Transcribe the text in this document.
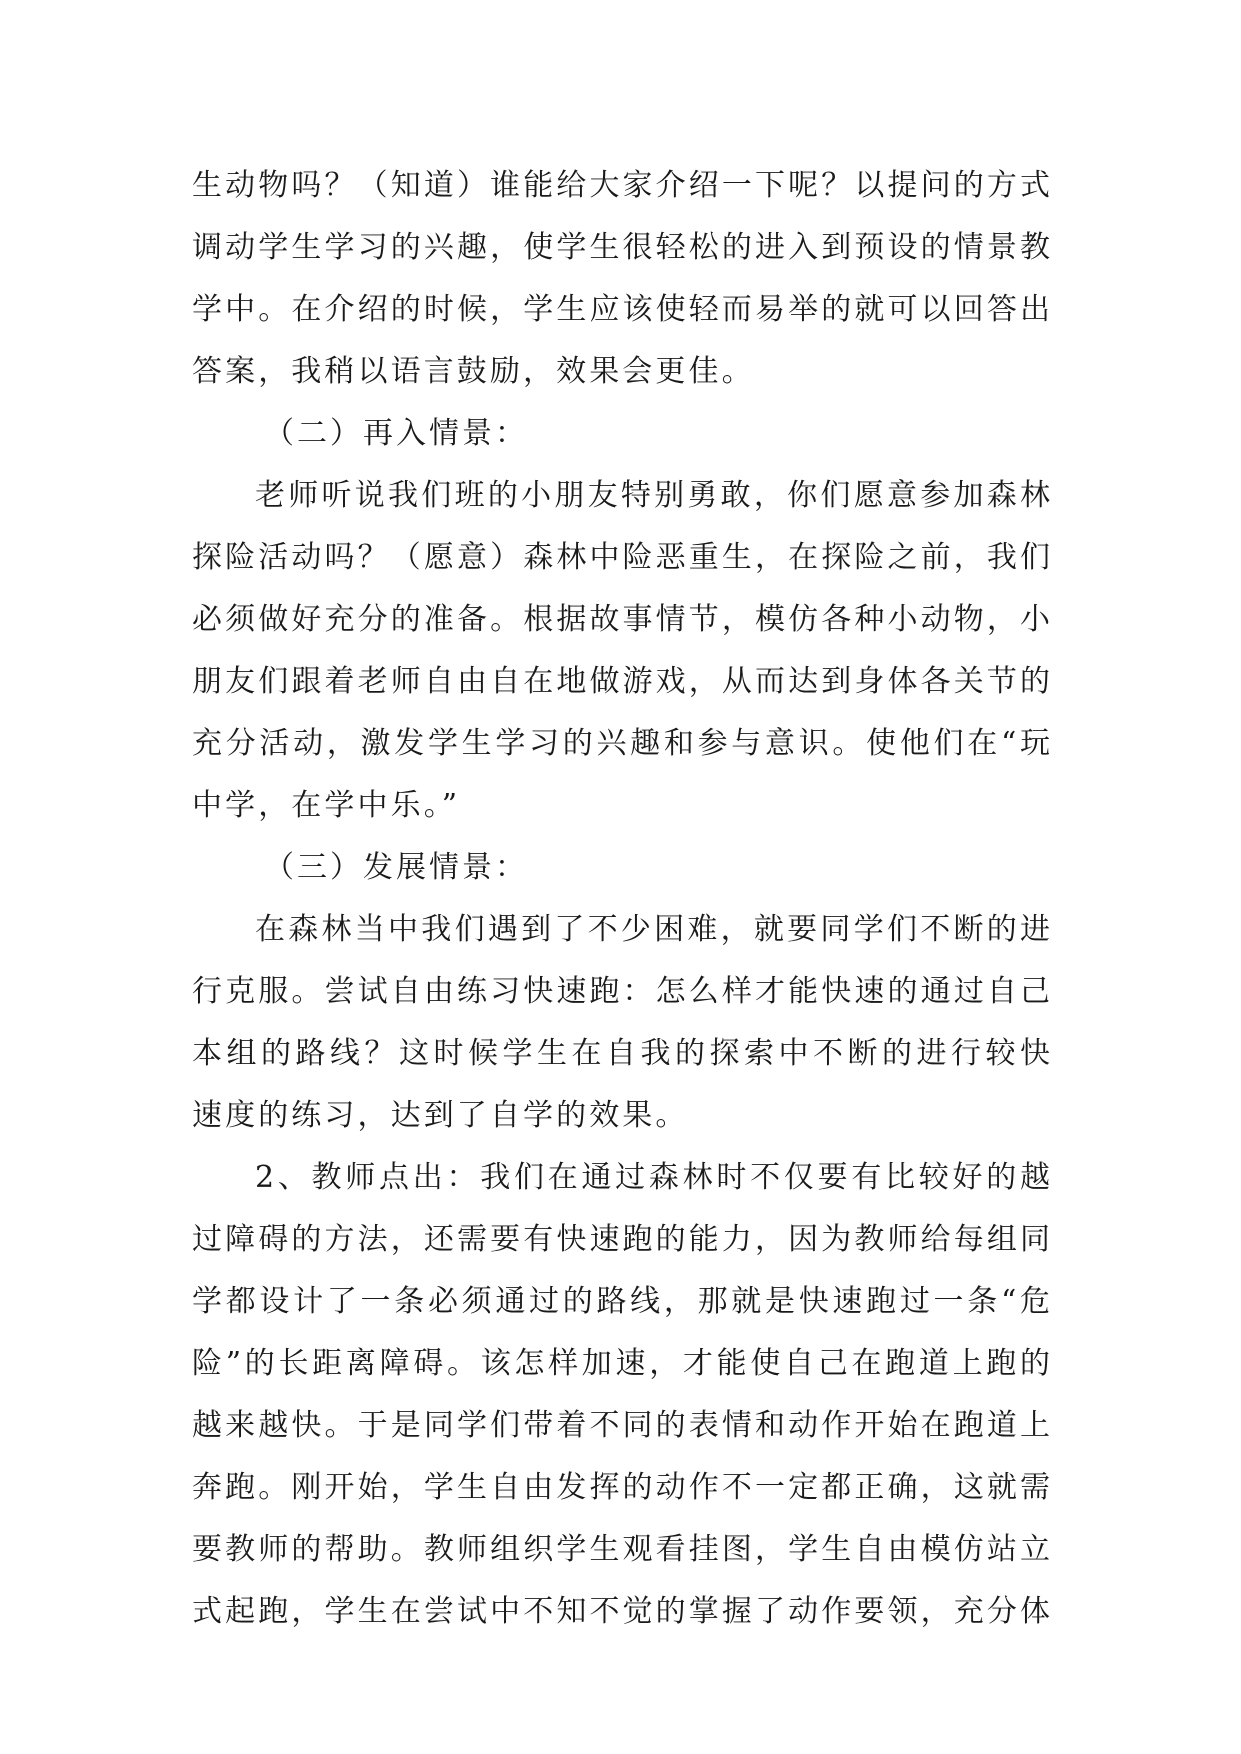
生动物吗？（知道）谁能给大家介绍一下呢？以提问的方式
调动学生学习的兴趣，使学生很轻松的进入到预设的情景教
学中。在介绍的时候，学生应该使轻而易举的就可以回答出
答案，我稍以语言鼓励，效果会更佳。
（二）再入情景：
老师听说我们班的小朋友特别勇敢，你们愿意参加森林
探险活动吗？（愿意）森林中险恶重生，在探险之前，我们
必须做好充分的准备。根据故事情节，模仿各种小动物，小
朋友们跟着老师自由自在地做游戏，从而达到身体各关节的
充分活动，激发学生学习的兴趣和参与意识。使他们在“玩
中学，在学中乐。”
（三）发展情景：
在森林当中我们遇到了不少困难，就要同学们不断的进
行克服。尝试自由练习快速跑：怎么样才能快速的通过自己
本组的路线？这时候学生在自我的探索中不断的进行较快
速度的练习，达到了自学的效果。
2、教师点出：我们在通过森林时不仅要有比较好的越
过障碍的方法，还需要有快速跑的能力，因为教师给每组同
学都设计了一条必须通过的路线，那就是快速跑过一条“危
险”的长距离障碍。该怎样加速，才能使自己在跑道上跑的
越来越快。于是同学们带着不同的表情和动作开始在跑道上
奔跑。刚开始，学生自由发挥的动作不一定都正确，这就需
要教师的帮助。教师组织学生观看挂图，学生自由模仿站立
式起跑，学生在尝试中不知不觉的掌握了动作要领，充分体
